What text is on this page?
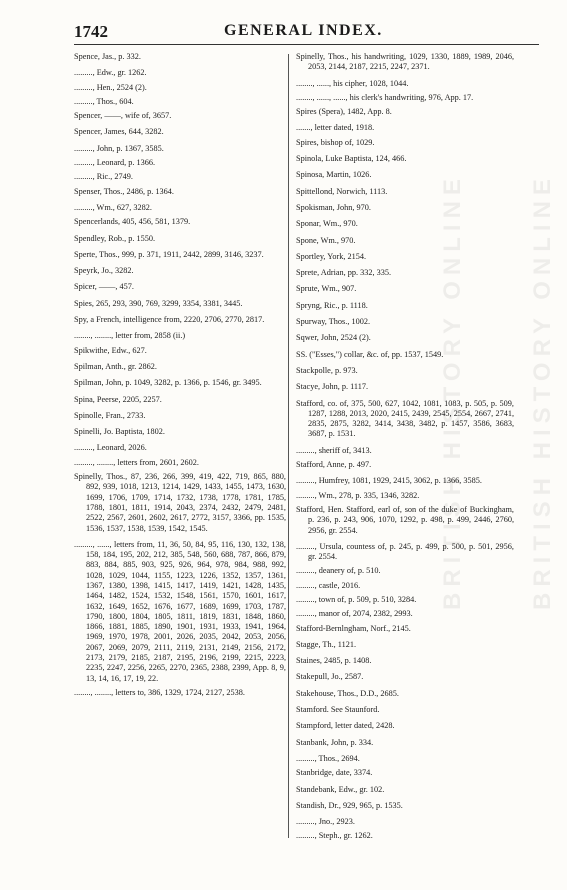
1742	GENERAL INDEX.
Spence, Jas., p. 332.
........., Edw., gr. 1262.
........., Hen., 2524 (2).
........., Thos., 604.
Spencer, ——, wife of, 3657.
Spencer, James, 644, 3282.
........., John, p. 1367, 3585.
........., Leonard, p. 1366.
........., Ric., 2749.
Spenser, Thos., 2486, p. 1364.
........., Wm., 627, 3282.
Spencerlands, 405, 456, 581, 1379.
Spendley, Rob., p. 1550.
Sperte, Thos., 999, p. 371, 1911, 2442, 2899, 3146, 3237.
Speyrk, Jo., 3282.
Spicer, ——, 457.
Spies, 265, 293, 390, 769, 3299, 3354, 3381, 3445.
Spy, a French, intelligence from, 2220, 2706, 2770, 2817.
........, ........, letter from, 2858 (ii.)
Spikwithe, Edw., 627.
Spilman, Anth., gr. 2862.
Spilman, John, p. 1049, 3282, p. 1366, p. 1546, gr. 3495.
Spina, Peerse, 2205, 2257.
Spinolle, Fran., 2733.
Spinelli, Jo. Baptista, 1802.
........., Leonard, 2026.
........., ........, letters from, 2601, 2602.
Spinelly, Thos., 87, 236, 266, 399, 419, 422, 719, 865, 880, 892, 939, 1018, 1213, 1214, 1429, 1433, 1455, 1473, 1630, 1699, 1706, 1709, 1714, 1732, 1738, 1778, 1781, 1785, 1788, 1801, 1811, 1914, 2043, 2374, 2432, 2479, 2481, 2522, 2567, 2601, 2602, 2617, 2772, 3157, 3366, pp. 1535, 1536, 1537, 1538, 1539, 1542, 1545.
........., ......, letters from, 11, 36, 50, 84, 95, 116, 130, 132, 138, 158, 184, 195, 202, 212, 385, 548, 560, 688, 787, 866, 879, 883, 884, 885, 903, 925, 926, 964, 978, 984, 988, 992, 1028, 1029, 1044, 1155, 1223, 1226, 1352, 1357, 1361, 1367, 1380, 1398, 1415, 1417, 1419, 1421, 1428, 1435, 1464, 1482, 1524, 1532, 1548, 1561, 1570, 1601, 1617, 1632, 1649, 1652, 1676, 1677, 1689, 1699, 1703, 1787, 1790, 1800, 1804, 1805, 1811, 1819, 1831, 1848, 1860, 1866, 1881, 1885, 1890, 1901, 1931, 1933, 1941, 1964, 1969, 1970, 1978, 2001, 2026, 2035, 2042, 2053, 2056, 2067, 2069, 2079, 2111, 2119, 2131, 2149, 2156, 2172, 2173, 2179, 2185, 2187, 2195, 2196, 2199, 2215, 2223, 2235, 2247, 2256, 2265, 2270, 2365, 2388, 2399, App. 8, 9, 13, 14, 16, 17, 19, 22.
........, ........, letters to, 386, 1329, 1724, 2127, 2538.
Spinelly, Thos., his handwriting, 1029, 1330, 1889, 1989, 2046, 2053, 2144, 2187, 2215, 2247, 2371.
........, ......, his cipher, 1028, 1044.
........, ......, ......, his clerk's handwriting, 976, App. 17.
Spires (Spera), 1482, App. 8.
......., letter dated, 1918.
Spires, bishop of, 1029.
Spinola, Luke Baptista, 124, 466.
Spinosa, Martin, 1026.
Spittellond, Norwich, 1113.
Spokisman, John, 970.
Sponar, Wm., 970.
Spone, Wm., 970.
Sportley, York, 2154.
Sprete, Adrian, pp. 332, 335.
Sprute, Wm., 907.
Spryng, Ric., p. 1118.
Spurway, Thos., 1002.
Sqwer, John, 2524 (2).
SS. ("Esses,") collar, &c. of, pp. 1537, 1549.
Stackpolle, p. 973.
Stacye, John, p. 1117.
Stafford, co. of, 375, 500, 627, 1042, 1081, 1083, p. 505, p. 509, 1287, 1288, 2013, 2020, 2415, 2439, 2545, 2554, 2667, 2741, 2835, 2875, 3282, 3414, 3438, 3482, p. 1457, 3586, 3683, 3687, p. 1531.
........., sheriff of, 3413.
Stafford, Anne, p. 497.
........., Humfrey, 1081, 1929, 2415, 3062, p. 1366, 3585.
........., Wm., 278, p. 335, 1346, 3282.
Stafford, Hen. Stafford, earl of, son of the duke of Buckingham, p. 236, p. 243, 906, 1070, 1292, p. 498, p. 499, 2446, 2760, 2956, gr. 2554.
........., Ursula, countess of, p. 245, p. 499, p. 500, p. 501, 2956, gr. 2554.
........., deanery of, p. 510.
........., castle, 2016.
........., town of, p. 509, p. 510, 3284.
........., manor of, 2074, 2382, 2993.
Stafford-Bernlngham, Norf., 2145.
Stagge, Th., 1121.
Staines, 2485, p. 1408.
Stakepull, Jo., 2587.
Stakehouse, Thos., D.D., 2685.
Stamford. See Staunford.
Stampford, letter dated, 2428.
Stanbank, John, p. 334.
........., Thos., 2694.
Stanbridge, date, 3374.
Standebank, Edw., gr. 102.
Standish, Dr., 929, 965, p. 1535.
........., Jno., 2923.
........., Steph., gr. 1262.
BRITISH HISTORY ONLINE	BRITISH HISTORY ONLINE
